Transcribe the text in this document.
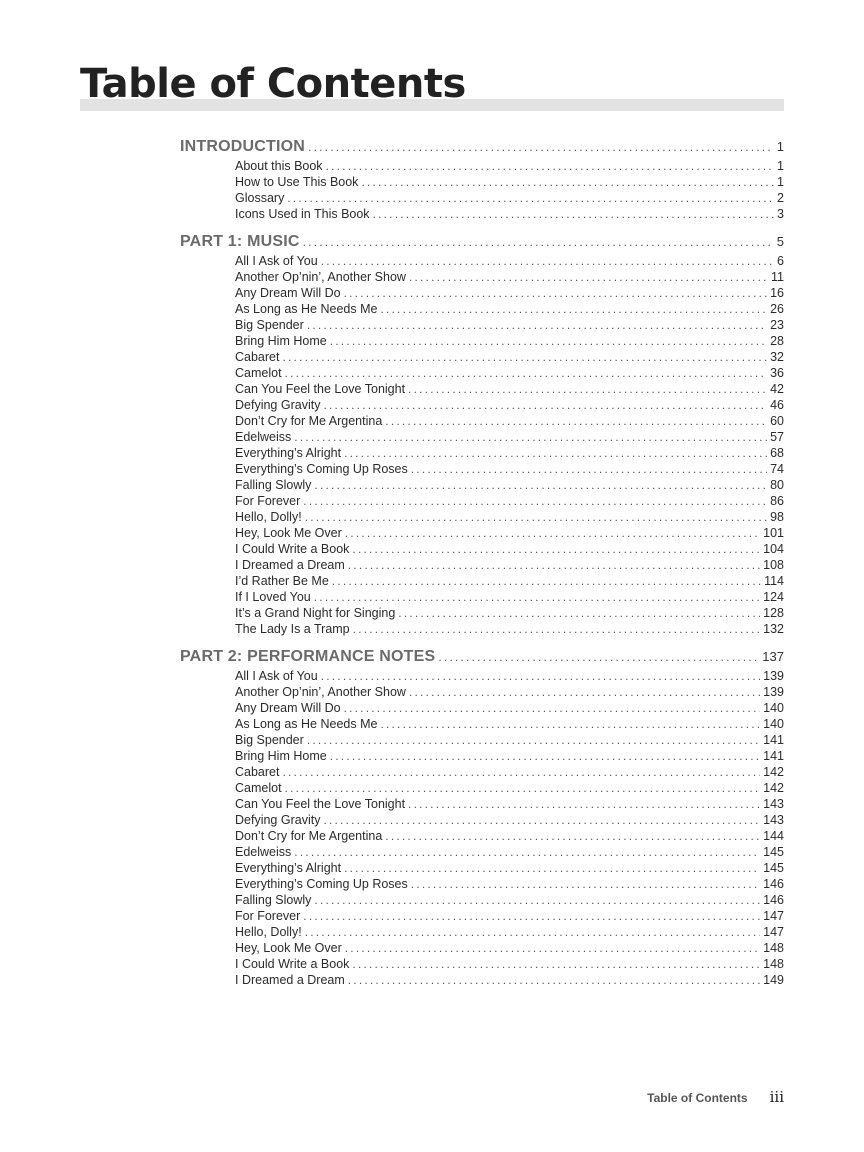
Table of Contents
INTRODUCTION .....	1
About this Book .....	1
How to Use This Book .....	1
Glossary .....	2
Icons Used in This Book .....	3
PART 1: MUSIC .....	5
All I Ask of You .....	6
Another Op’nin’, Another Show .....	11
Any Dream Will Do .....	16
As Long as He Needs Me .....	26
Big Spender .....	23
Bring Him Home .....	28
Cabaret .....	32
Camelot .....	36
Can You Feel the Love Tonight .....	42
Defying Gravity .....	46
Don’t Cry for Me Argentina .....	60
Edelweiss .....	57
Everything’s Alright .....	68
Everything’s Coming Up Roses .....	74
Falling Slowly .....	80
For Forever .....	86
Hello, Dolly! .....	98
Hey, Look Me Over .....	101
I Could Write a Book .....	104
I Dreamed a Dream .....	108
I’d Rather Be Me .....	114
If I Loved You .....	124
It’s a Grand Night for Singing .....	128
The Lady Is a Tramp .....	132
PART 2: PERFORMANCE NOTES .....	137
All I Ask of You .....	139
Another Op’nin’, Another Show .....	139
Any Dream Will Do .....	140
As Long as He Needs Me .....	140
Big Spender .....	141
Bring Him Home .....	141
Cabaret .....	142
Camelot .....	142
Can You Feel the Love Tonight .....	143
Defying Gravity .....	143
Don’t Cry for Me Argentina .....	144
Edelweiss .....	145
Everything’s Alright .....	145
Everything’s Coming Up Roses .....	146
Falling Slowly .....	146
For Forever .....	147
Hello, Dolly! .....	147
Hey, Look Me Over .....	148
I Could Write a Book .....	148
I Dreamed a Dream .....	149
Table of Contents iii
